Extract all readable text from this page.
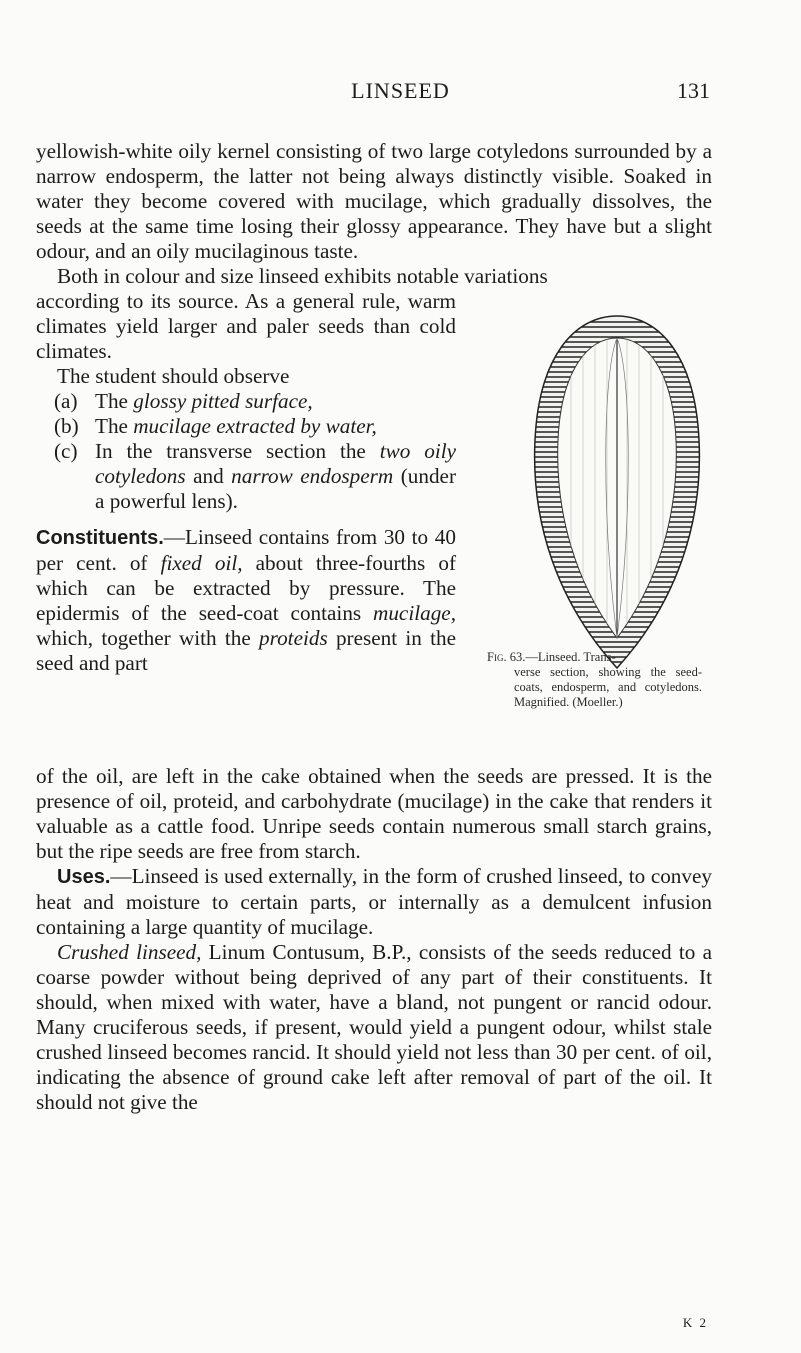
LINSEED	131

yellowish-white oily kernel consisting of two large cotyledons surrounded by a narrow endosperm, the latter not being always distinctly visible. Soaked in water they become covered with mucilage, which gradually dissolves, the seeds at the same time losing their glossy appearance. They have but a slight odour, and an oily mucilaginous taste.

Both in colour and size linseed exhibits notable variations

according to its source. As a general rule, warm climates yield larger and paler seeds than cold climates.

The student should observe

(a) The glossy pitted surface,

(b) The mucilage extracted by water,

(c) In the transverse section the two oily cotyledons and narrow endosperm (under a powerful lens).

Constituents.—Linseed contains from 30 to 40 per cent. of fixed oil, about three-fourths of which can be extracted by pressure. The epidermis of the seed-coat contains mucilage, which, together with the proteids present in the seed and part

of the oil, are left in the cake obtained when the seeds are pressed. It is the presence of oil, proteid, and carbohydrate (mucilage) in the cake that renders it valuable as a cattle food. Unripe seeds contain numerous small starch grains, but the ripe seeds are free from starch.

Uses.—Linseed is used externally, in the form of crushed linseed, to convey heat and moisture to certain parts, or internally as a demulcent infusion containing a large quantity of mucilage.

Crushed linseed, Linum Contusum, B.P., consists of the seeds reduced to a coarse powder without being deprived of any part of their constituents. It should, when mixed with water, have a bland, not pungent or rancid odour. Many cruciferous seeds, if present, would yield a pungent odour, whilst stale crushed linseed becomes rancid. It should yield not less than 30 per cent. of oil, indicating the absence of ground cake left after removal of part of the oil. It should not give the

Fig. 63.—Linseed. Trans-
verse section, showing the seed-coats, endosperm, and cotyledons. Magnified. (Moeller.)
K 2
